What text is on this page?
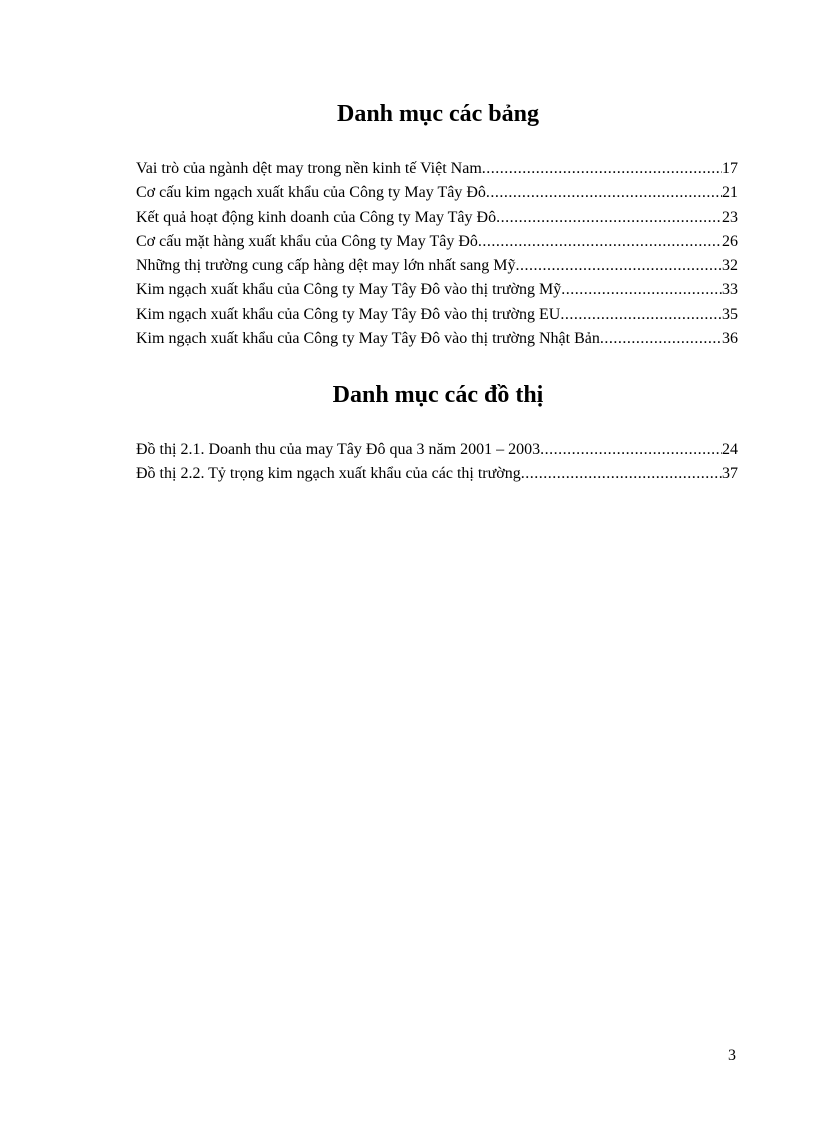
Danh mục các bảng
Vai trò của ngành dệt may trong nền kinh tế Việt Nam .....	17
Cơ cấu kim ngạch xuất khẩu của Công ty May Tây Đô .....	21
Kết quả hoạt động kinh doanh của Công ty May Tây Đô .....	23
Cơ cấu mặt hàng xuất khẩu của Công ty May Tây Đô .....	26
Những thị trường cung cấp hàng dệt may lớn nhất sang Mỹ .....	32
Kim ngạch xuất khẩu của Công ty May Tây Đô vào thị trường Mỹ .....	33
Kim ngạch xuất khẩu của Công ty May Tây Đô vào thị trường EU .....	35
Kim ngạch xuất khẩu của Công ty May Tây Đô vào thị trường Nhật Bản .....	36
Danh mục các đồ thị
Đồ thị 2.1. Doanh thu của may Tây Đô qua 3 năm 2001 – 2003 .....	24
Đồ thị 2.2. Tỷ trọng kim ngạch xuất khẩu của các thị trường .....	37

3
